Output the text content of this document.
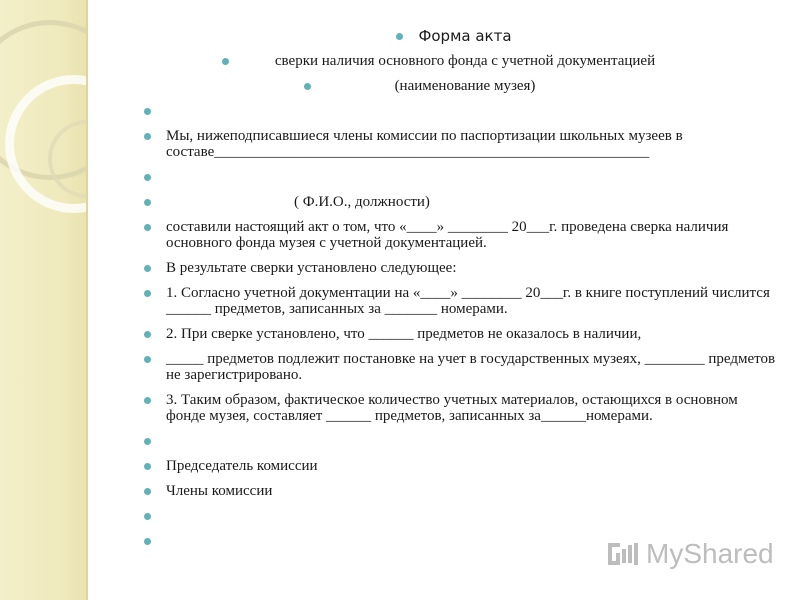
Форма акта
сверки наличия основного фонда с учетной документацией
(наименование музея)
Мы, нижеподписавшиеся члены комиссии по паспортизации школьных музеев в составе__________________________________________________________
( Ф.И.О., должности)
составили настоящий акт о том, что «____» ________ 20___г. проведена сверка наличия основного фонда музея с учетной документацией.
В результате сверки установлено следующее:
1. Согласно учетной документации на «____» ________ 20___г. в книге поступлений числится ______ предметов, записанных за _______ номерами.
2. При сверке установлено, что ______ предметов не оказалось в наличии,
_____ предметов подлежит постановке на учет в государственных музеях, ________ предметов не зарегистрировано.
3. Таким образом, фактическое количество учетных материалов, остающихся в основном фонде музея, составляет ______ предметов, записанных за______номерами.
Председатель комиссии
Члены комиссии
MyShared
